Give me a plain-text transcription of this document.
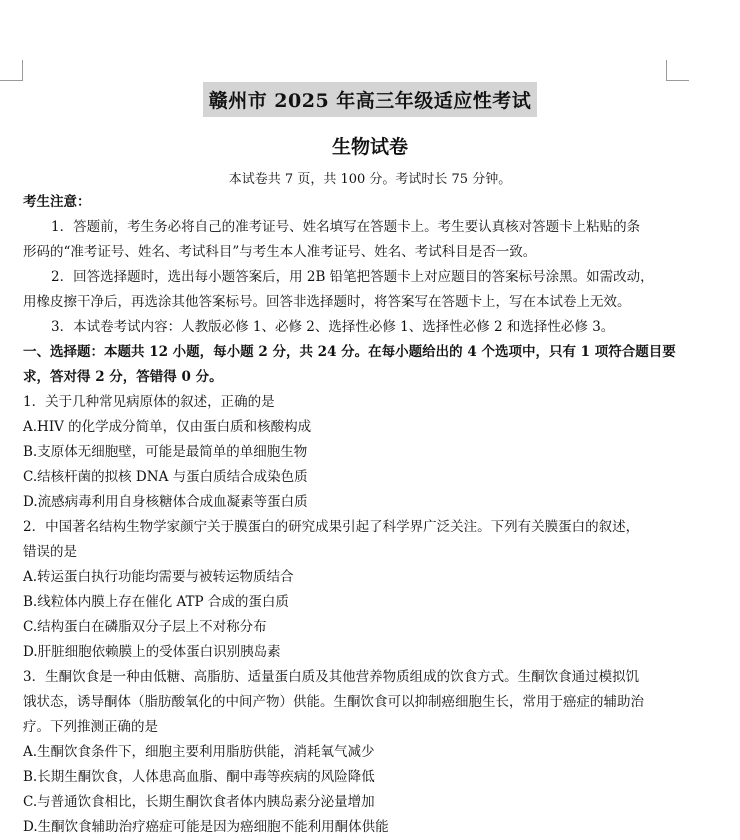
赣州市 2025 年高三年级适应性考试
生物试卷
本试卷共 7 页，共 100 分。考试时长 75 分钟。
考生注意：
1．答题前，考生务必将自己的准考证号、姓名填写在答题卡上。考生要认真核对答题卡上粘贴的条
形码的“准考证号、姓名、考试科目”与考生本人准考证号、姓名、考试科目是否一致。
2．回答选择题时，选出每小题答案后，用 2B 铅笔把答题卡上对应题目的答案标号涂黑。如需改动，
用橡皮擦干净后，再选涂其他答案标号。回答非选择题时，将答案写在答题卡上，写在本试卷上无效。
3．本试卷考试内容：人教版必修 1、必修 2、选择性必修 1、选择性必修 2 和选择性必修 3。
一、选择题：本题共 12 小题，每小题 2 分，共 24 分。在每小题给出的 4 个选项中，只有 1 项符合题目要
求，答对得 2 分，答错得 0 分。
1．关于几种常见病原体的叙述，正确的是
A.HIV 的化学成分简单，仅由蛋白质和核酸构成
B.支原体无细胞壁，可能是最简单的单细胞生物
C.结核杆菌的拟核 DNA 与蛋白质结合成染色质
D.流感病毒利用自身核糖体合成血凝素等蛋白质
2．中国著名结构生物学家颜宁关于膜蛋白的研究成果引起了科学界广泛关注。下列有关膜蛋白的叙述，
错误的是
A.转运蛋白执行功能均需要与被转运物质结合
B.线粒体内膜上存在催化 ATP 合成的蛋白质
C.结构蛋白在磷脂双分子层上不对称分布
D.肝脏细胞依赖膜上的受体蛋白识别胰岛素
3．生酮饮食是一种由低糖、高脂肪、适量蛋白质及其他营养物质组成的饮食方式。生酮饮食通过模拟饥
饿状态，诱导酮体（脂肪酸氧化的中间产物）供能。生酮饮食可以抑制癌细胞生长，常用于癌症的辅助治
疗。下列推测正确的是
A.生酮饮食条件下，细胞主要利用脂肪供能，消耗氧气减少
B.长期生酮饮食，人体患高血脂、酮中毒等疾病的风险降低
C.与普通饮食相比，长期生酮饮食者体内胰岛素分泌量增加
D.生酮饮食辅助治疗癌症可能是因为癌细胞不能利用酮体供能
